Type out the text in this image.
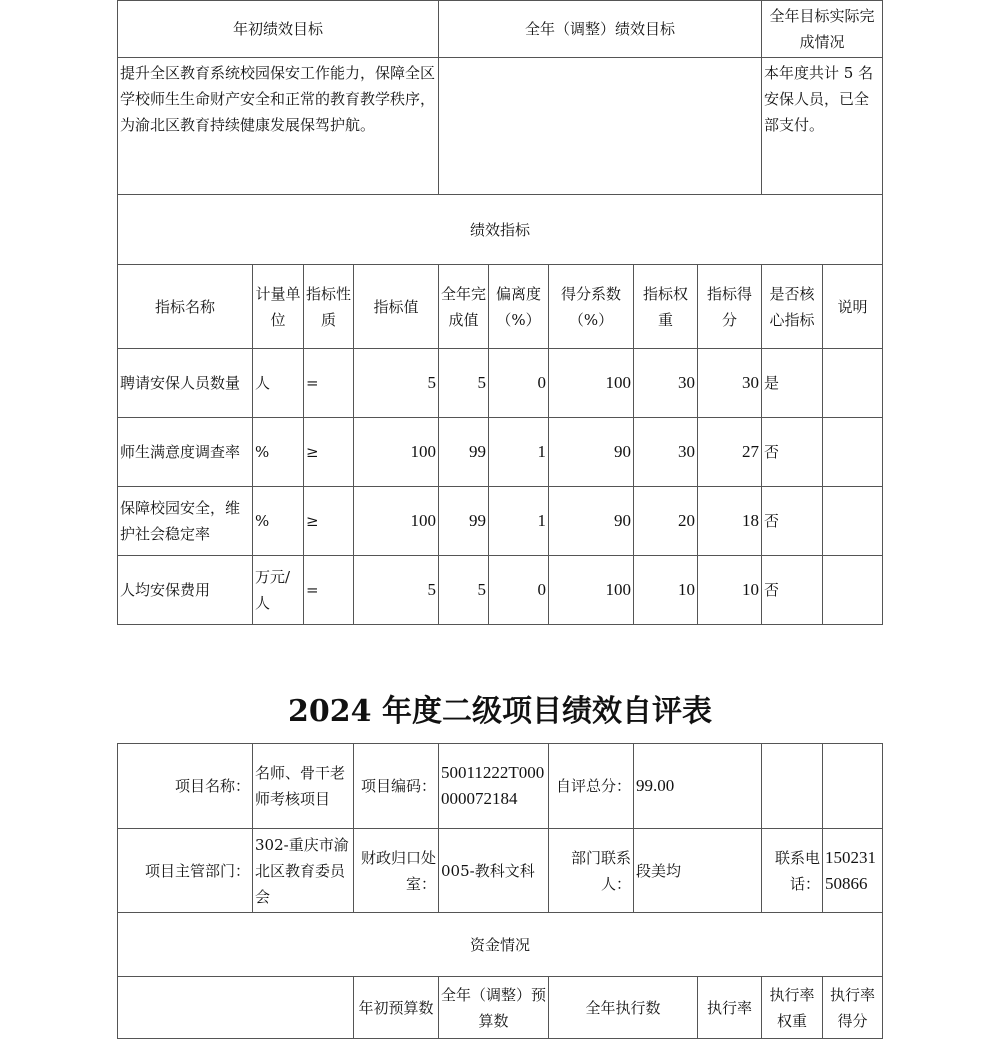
年初绩效目标				全年（调整）绩效目标					全年目标实际完成情况	
提升全区教育系统校园保安工作能力，保障全区学校师生生命财产安全和正常的教育教学秩序，为渝北区教育持续健康发展保驾护航。									本年度共计 5 名安保人员，已全部支付。	
绩效指标										
指标名称	计量单位	指标性质	指标值	全年完成值	偏离度（%）	得分系数（%）	指标权重	指标得分	是否核心指标	说明
聘请安保人员数量	人	=	5	5	0	100	30	30	是	
师生满意度调查率	%	≥	100	99	1	90	30	27	否	
保障校园安全，维护社会稳定率	%	≥	100	99	1	90	20	18	否	
人均安保费用	万元/人	=	5	5	0	100	10	10	否	
2024 年度二级项目绩效自评表
项目名称：	名师、骨干老师考核项目	项目编码：	50011222T000000072184	自评总分：	99.00			
项目主管部门：	302-重庆市渝北区教育委员会	财政归口处室：	005-教科文科	部门联系人：	段美均		联系电话：	15023150866
资金情况								
		年初预算数	全年（调整）预算数	全年执行数		执行率	执行率权重	执行率得分
